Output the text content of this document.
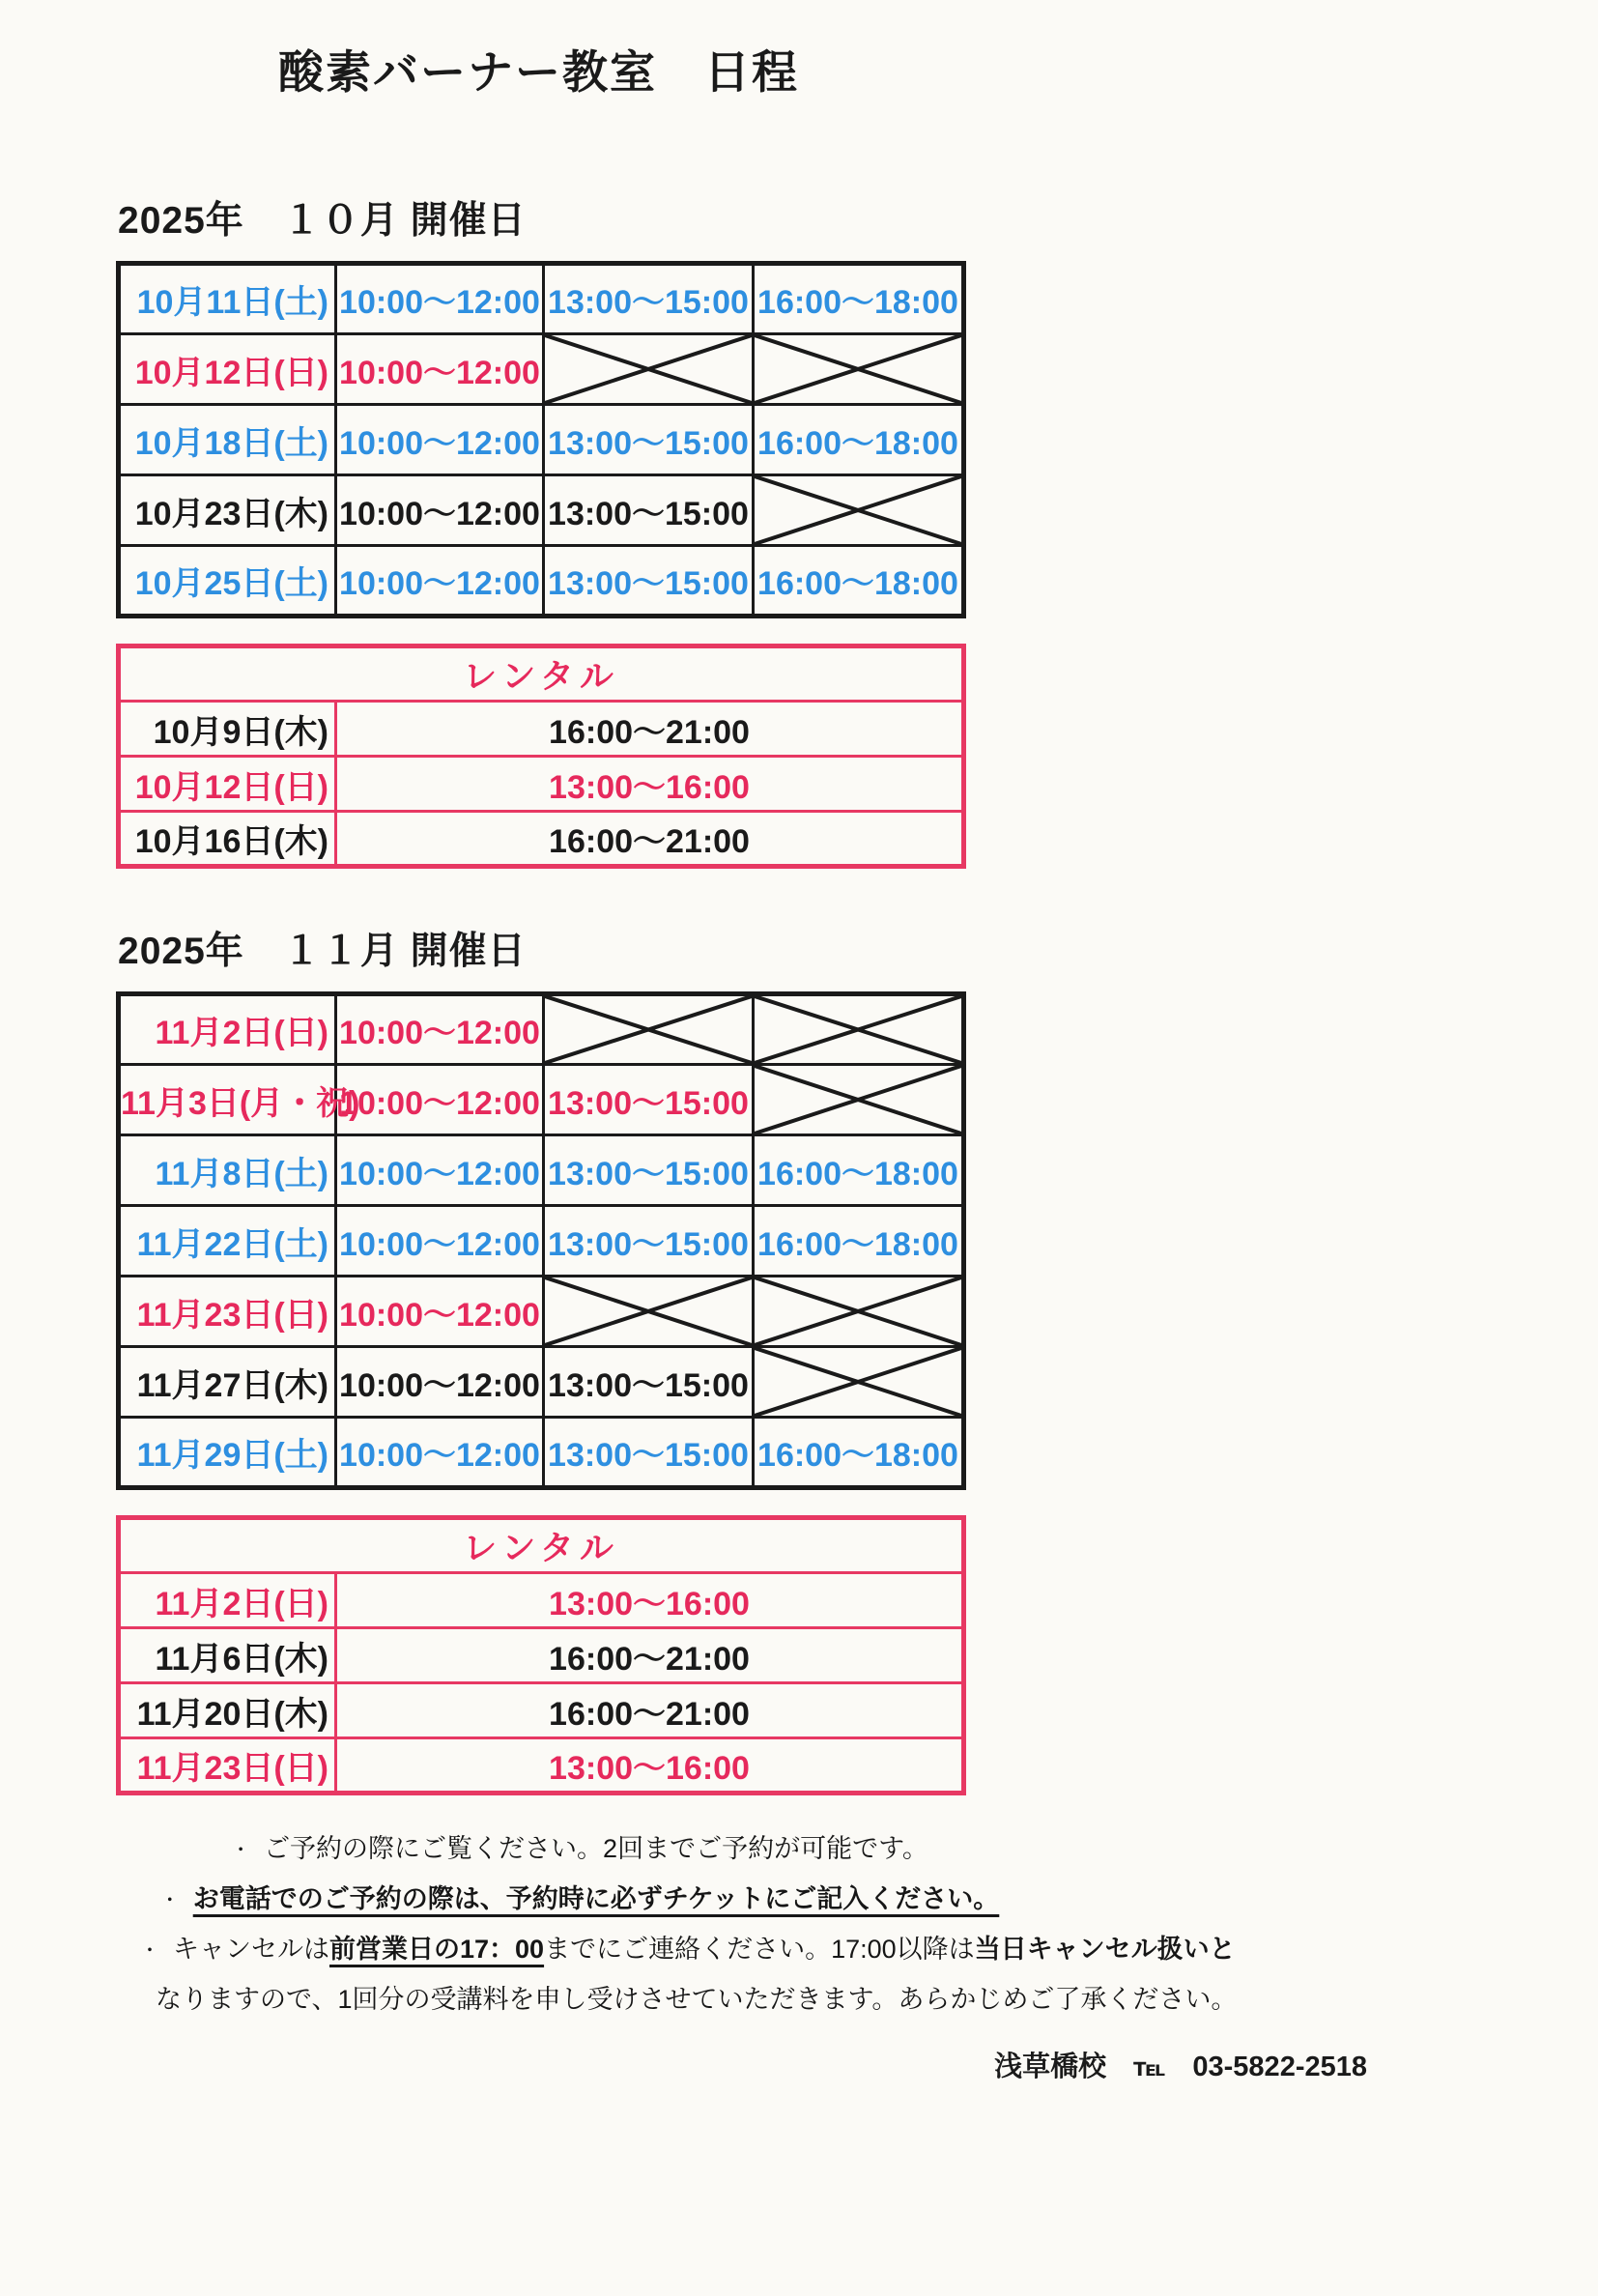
酸素バーナー教室　日程
2025年　１０月 開催日
10月11日(土)	10:00〜12:00	13:00〜15:00	16:00〜18:00
10月12日(日)	10:00〜12:00	

10月18日(土)	10:00〜12:00	13:00〜15:00	16:00〜18:00
10月23日(木)	10:00〜12:00	13:00〜15:00	

10月25日(土)	10:00〜12:00	13:00〜15:00	16:00〜18:00
レンタル	
10月9日(木)	16:00〜21:00
10月12日(日)	13:00〜16:00
10月16日(木)	16:00〜21:00
2025年　１１月 開催日
11月2日(日)	10:00〜12:00	

11月3日(月・祝)	10:00〜12:00	13:00〜15:00	

11月8日(土)	10:00〜12:00	13:00〜15:00	16:00〜18:00
11月22日(土)	10:00〜12:00	13:00〜15:00	16:00〜18:00
11月23日(日)	10:00〜12:00	

11月27日(木)	10:00〜12:00	13:00〜15:00	

11月29日(土)	10:00〜12:00	13:00〜15:00	16:00〜18:00
レンタル	
11月2日(日)	13:00〜16:00
11月6日(木)	16:00〜21:00
11月20日(木)	16:00〜21:00
11月23日(日)	13:00〜16:00
・ ご予約の際にご覧ください。2回までご予約が可能です。
・ お電話でのご予約の際は、予約時に必ずチケットにご記入ください。
・ キャンセルは前営業日の17：00までにご連絡ください。17:00以降は当日キャンセル扱いと
なりますので、1回分の受講料を申し受けさせていただきます。あらかじめご了承ください。
浅草橋校 ℡ 03-5822-2518
